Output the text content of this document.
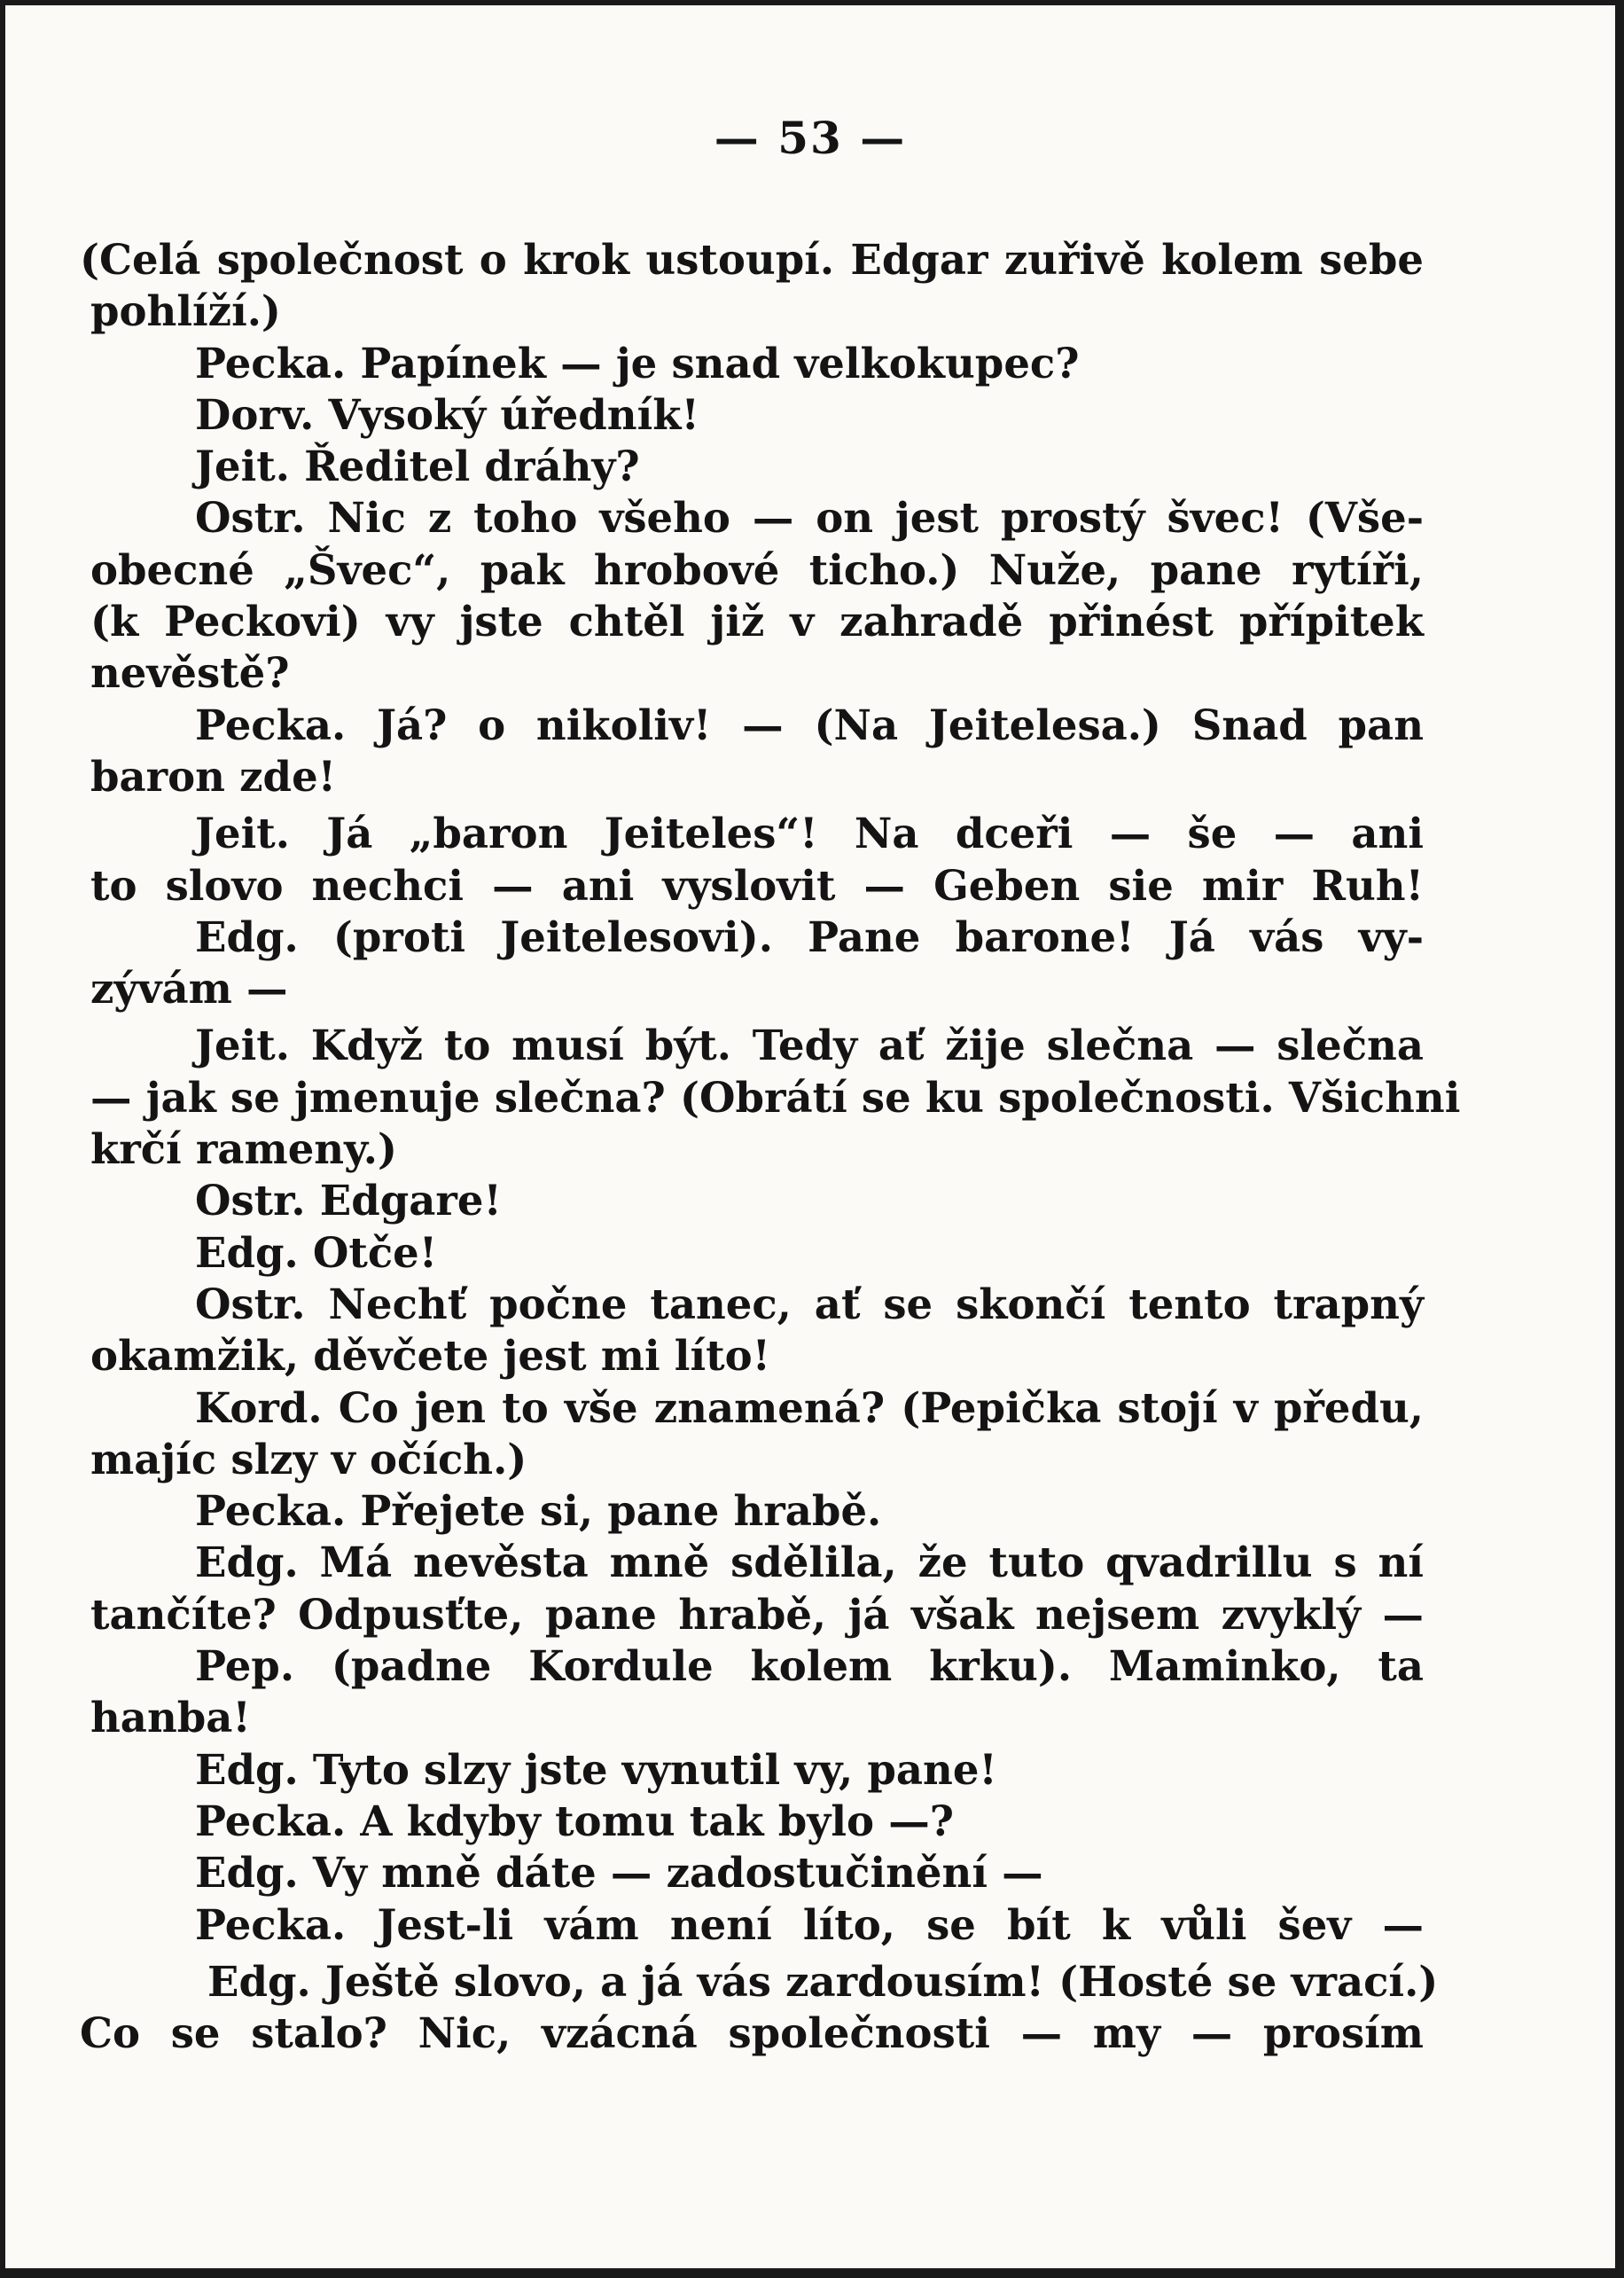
— 53 —
(Celá společnost o krok ustoupí. Edgar zuřivě kolem sebe
pohlíží.)
Pecka. Papínek — je snad velkokupec?
Dorv. Vysoký úředník!
Jeit. Ředitel dráhy?
Ostr. Nic z toho všeho — on jest prostý švec! (Vše-
obecné „Švec“, pak hrobové ticho.) Nuže, pane rytíři,
(k Peckovi) vy jste chtěl již v zahradě přinést přípitek
nevěstě?
Pecka. Já? o nikoliv! — (Na Jeitelesa.) Snad pan
baron zde!
Jeit. Já „baron Jeiteles“! Na dceři — še — ani
to slovo nechci — ani vyslovit — Geben sie mir Ruh!
Edg. (proti Jeitelesovi). Pane barone! Já vás vy-
zývám —
Jeit. Když to musí být. Tedy ať žije slečna — slečna
— jak se jmenuje slečna? (Obrátí se ku společnosti. Všichni
krčí rameny.)
Ostr. Edgare!
Edg. Otče!
Ostr. Nechť počne tanec, ať se skončí tento trapný
okamžik, děvčete jest mi líto!
Kord. Co jen to vše znamená? (Pepička stojí v předu,
majíc slzy v očích.)
Pecka. Přejete si, pane hrabě.
Edg. Má nevěsta mně sdělila, že tuto qvadrillu s ní
tančíte? Odpusťte, pane hrabě, já však nejsem zvyklý —
Pep. (padne Kordule kolem krku). Maminko, ta
hanba!
Edg. Tyto slzy jste vynutil vy, pane!
Pecka. A kdyby tomu tak bylo —?
Edg. Vy mně dáte — zadostučinění —
Pecka. Jest-li vám není líto, se bít k vůli šev —
Edg. Ještě slovo, a já vás zardousím! (Hosté se vrací.)
Co se stalo? Nic, vzácná společnosti — my — prosím
